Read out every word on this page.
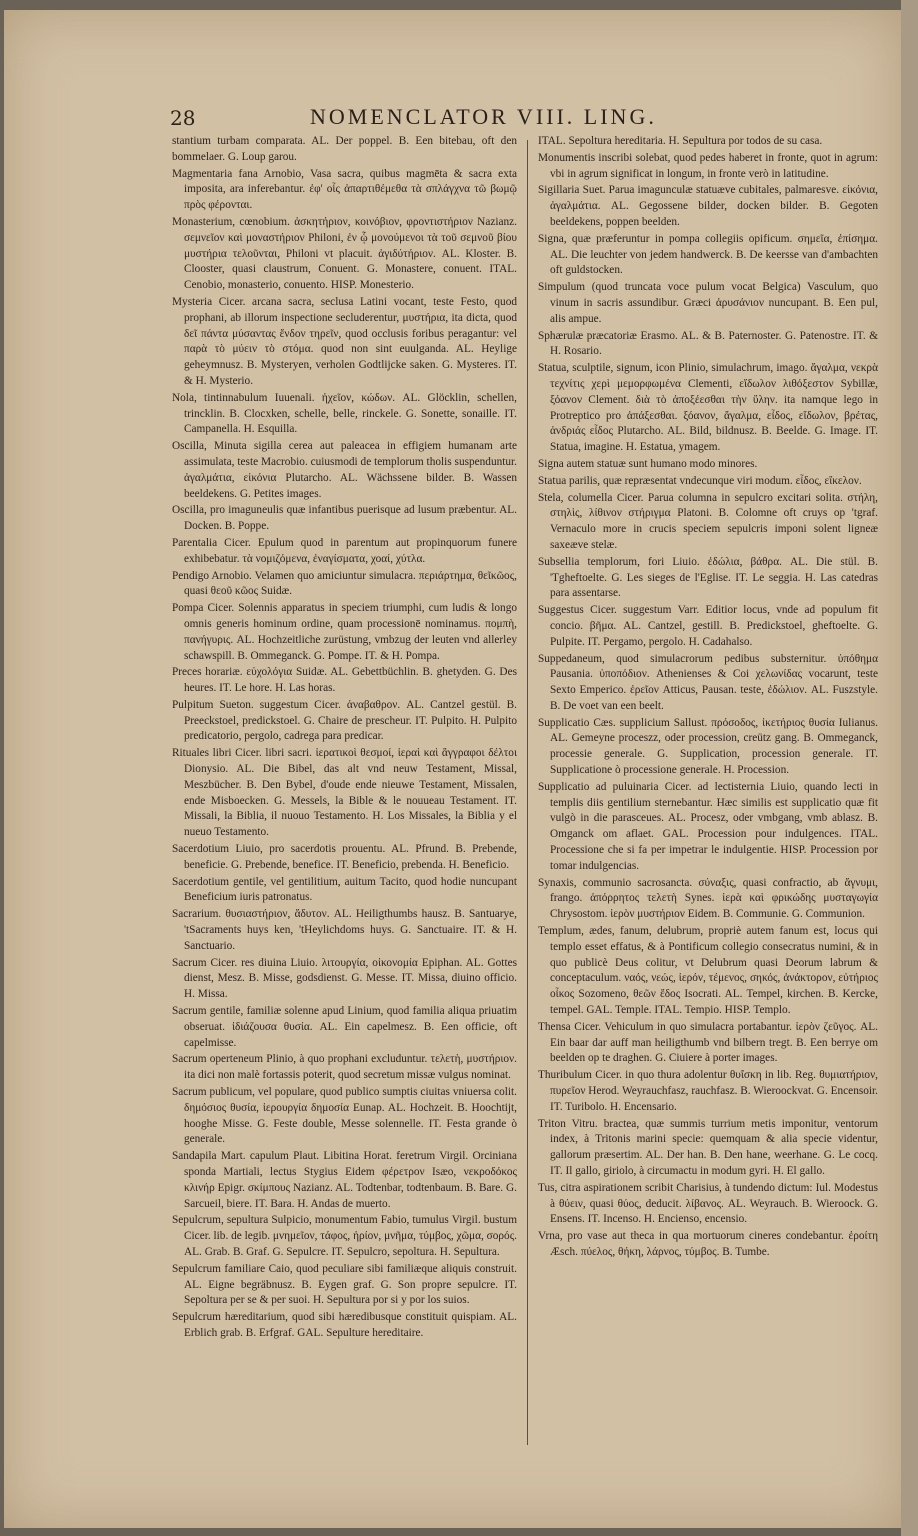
28	NOMENCLATOR VIII. LING.

stantium turbam comparata. AL. Der poppel. B. Een bitebau, oft den bommelaer. G. Loup garou.

Magmentaria fana Arnobio, Vasa sacra, quibus magmēta & sacra exta imposita, ara inferebantur. ἐφ' οἷς ἀπαρτιθέμεθα τὰ σπλάγχνα τῶ βωμῷ πρὸς φέρονται.

Monasterium, cœnobium. ἀσκητήριον, κοινόβιον, φροντιστήριον Nazianz. σεμνεῖον καὶ μοναστήριον Philoni, ἐν ᾧ μονούμενοι τὰ τοῦ σεμνοῦ βίου μυστήρια τελοῦνται, Philoni vt placuit. ἀγιδύτήριον. AL. Kloster. B. Clooster, quasi claustrum, Conuent. G. Monastere, conuent. ITAL. Cenobio, monasterio, conuento. HISP. Monesterio.

Mysteria Cicer. arcana sacra, seclusa Latini vocant, teste Festo, quod prophani, ab illorum inspectione secluderentur, μυστήρια, ita dicta, quod δεῖ πάντα μύσαντας ἔνδον τηρεῖν, quod occlusis foribus peragantur: vel παρὰ τὸ μύειν τὸ στόμα. quod non sint euulganda. AL. Heylige geheymnusz. B. Mysteryen, verholen Godtlijcke saken. G. Mysteres. IT. & H. Mysterio.

Nola, tintinnabulum Iuuenali. ἠχεῖον, κώδων. AL. Glöcklin, schellen, trincklin. B. Clocxken, schelle, belle, rinckele. G. Sonette, sonaille. IT. Campanella. H. Esquilla.

Oscilla, Minuta sigilla cerea aut paleacea in effigiem humanam arte assimulata, teste Macrobio. cuiusmodi de templorum tholis suspenduntur. ἀγαλμάτια, εἰκόνια Plutarcho. AL. Wächssene bilder. B. Wassen beeldekens. G. Petites images.

Oscilla, pro imaguneulis quæ infantibus puerisque ad lusum præbentur. AL. Docken. B. Poppe.

Parentalia Cicer. Epulum quod in parentum aut propinquorum funere exhibebatur. τὰ νομιζόμενα, ἐναγίσματα, χοαί, χύτλα.

Pendigo Arnobio. Velamen quo amiciuntur simulacra. περιάρτημα, θεῖκῶος, quasi θεοῦ κῶος Suidæ.

Pompa Cicer. Solennis apparatus in speciem triumphi, cum ludis & longo omnis generis hominum ordine, quam processionē nominamus. πομπὴ, πανήγυρις. AL. Hochzeitliche zurüstung, vmbzug der leuten vnd allerley schawspill. B. Ommeganck. G. Pompe. IT. & H. Pompa.

Preces horariæ. εὐχολόγια Suidæ. AL. Gebettbüchlin. B. ghetyden. G. Des heures. IT. Le hore. H. Las horas.

Pulpitum Sueton. suggestum Cicer. ἀναβαθρον. AL. Cantzel gestül. B. Preeckstoel, predickstoel. G. Chaire de prescheur. IT. Pulpito. H. Pulpito predicatorio, pergolo, cadrega para predicar.

Rituales libri Cicer. libri sacri. ἱερατικοὶ θεσμοί, ἱεραὶ καὶ ἄγγραφοι δέλτοι Dionysio. AL. Die Bibel, das alt vnd neuw Testament, Missal, Meszbücher. B. Den Bybel, d'oude ende nieuwe Testament, Missalen, ende Misboecken. G. Messels, la Bible & le nouueau Testament. IT. Missali, la Biblia, il nuouo Testamento. H. Los Missales, la Biblia y el nueuo Testamento.

Sacerdotium Liuio, pro sacerdotis prouentu. AL. Pfrund. B. Prebende, beneficie. G. Prebende, benefice. IT. Beneficio, prebenda. H. Beneficio.

Sacerdotium gentile, vel gentilitium, auitum Tacito, quod hodie nuncupant Beneficium iuris patronatus.

Sacrarium. θυσιαστήριον, ἄδυτον. AL. Heiligthumbs hausz. B. Santuarye, 'tSacraments huys ken, 'tHeylichdoms huys. G. Sanctuaire. IT. & H. Sanctuario.

Sacrum Cicer. res diuina Liuio. λιτουργία, οἰκονομία Epiphan. AL. Gottes dienst, Mesz. B. Misse, godsdienst. G. Messe. IT. Missa, diuino officio. H. Missa.

Sacrum gentile, familiæ solenne apud Linium, quod familia aliqua priuatim obseruat. ἰδιάζουσα θυσία. AL. Ein capelmesz. B. Een officie, oft capelmisse.

Sacrum operteneum Plinio, à quo prophani excluduntur. τελετὴ, μυστήριον. ita dici non malè fortassis poterit, quod secretum missæ vulgus nominat.

Sacrum publicum, vel populare, quod publico sumptis ciuitas vniuersa colit. δημόσιος θυσία, ἱερουργία δημοσία Eunap. AL. Hochzeit. B. Hoochtijt, hooghe Misse. G. Feste double, Messe solennelle. IT. Festa grande ò generale.

Sandapila Mart. capulum Plaut. Libitina Horat. feretrum Virgil. Orciniana sponda Martiali, lectus Stygius Eidem φέρετρον Isæo, νεκροδόκος κλινήρ Epigr. σκίμπους Nazianz. AL. Todtenbar, todtenbaum. B. Bare. G. Sarcueil, biere. IT. Bara. H. Andas de muerto.

Sepulcrum, sepultura Sulpicio, monumentum Fabio, tumulus Virgil. bustum Cicer. lib. de legib. μνημεῖον, τάφος, ἠρίον, μνῆμα, τύμβος, χῶμα, σορός. AL. Grab. B. Graf. G. Sepulcre. IT. Sepulcro, sepoltura. H. Sepultura.

Sepulcrum familiare Caio, quod peculiare sibi familiæque aliquis construit. AL. Eigne begräbnusz. B. Eygen graf. G. Son propre sepulcre. IT. Sepoltura per se & per suoi. H. Sepultura por si y por los suios.

Sepulcrum hæreditarium, quod sibi hæredibusque constituit quispiam. AL. Erblich grab. B. Erfgraf. GAL. Sepulture hereditaire.

ITAL. Sepoltura hereditaria. H. Sepultura por todos de su casa.

Monumentis inscribi solebat, quod pedes haberet in fronte, quot in agrum: vbi in agrum significat in longum, in fronte verò in latitudine.

Sigillaria Suet. Parua imagunculæ statuæve cubitales, palmaresve. εἰκόνια, ἀγαλμάτια. AL. Gegossene bilder, docken bilder. B. Gegoten beeldekens, poppen beelden.

Signa, quæ præferuntur in pompa collegiis opificum. σημεῖα, ἐπίσημα. AL. Die leuchter von jedem handwerck. B. De keersse van d'ambachten oft guldstocken.

Simpulum (quod truncata voce pulum vocat Belgica) Vasculum, quo vinum in sacris assundibur. Græci ἀρυσάνιον nuncupant. B. Een pul, alis ampue.

Sphærulæ præcatoriæ Erasmo. AL. & B. Paternoster. G. Patenostre. IT. & H. Rosario.

Statua, sculptile, signum, icon Plinio, simulachrum, imago. ἄγαλμα, νεκρὰ τεχνίτις χερὶ μεμορφωμένα Clementi, εἴδωλον λιθόξεστον Sybillæ, ξόανον Clement. διὰ τὸ ἀποξέεσθαι τὴν ὕλην. ita namque lego in Protreptico pro ἀπάξεσθαι. ξόανον, ἄγαλμα, εἶδος, εἴδωλον, βρέτας, ἀνδριάς εἶδος Plutarcho. AL. Bild, bildnusz. B. Beelde. G. Image. IT. Statua, imagine. H. Estatua, ymagem.

Signa autem statuæ sunt humano modo minores.

Statua parilis, quæ repræsentat vndecunque viri modum. εἶδος, εἴκελον.

Stela, columella Cicer. Parua columna in sepulcro excitari solita. στήλη, στηλὶς, λίθινον στήριγμα Platoni. B. Colomne oft cruys op 'tgraf. Vernaculo more in crucis speciem sepulcris imponi solent ligneæ saxeæve stelæ.

Subsellia templorum, fori Liuio. ἐδώλια, βάθρα. AL. Die stül. B. 'Tgheftoelte. G. Les sieges de l'Eglise. IT. Le seggia. H. Las catedras para assentarse.

Suggestus Cicer. suggestum Varr. Editior locus, vnde ad populum fit concio. βῆμα. AL. Cantzel, gestill. B. Predickstoel, gheftoelte. G. Pulpite. IT. Pergamo, pergolo. H. Cadahalso.

Suppedaneum, quod simulacrorum pedibus substernitur. ὑπόθημα Pausania. ὑποπόδιον. Athenienses & Coi χελωνίδας vocarunt, teste Sexto Emperico. ἐρεῖον Atticus, Pausan. teste, ἐδώλιον. AL. Fuszstyle. B. De voet van een beelt.

Supplicatio Cæs. supplicium Sallust. πρόσοδος, ἱκετήριος θυσία Iulianus. AL. Gemeyne proceszz, oder procession, creütz gang. B. Ommeganck, processie generale. G. Supplication, procession generale. IT. Supplicatione ò processione generale. H. Procession.

Supplicatio ad puluinaria Cicer. ad lectisternia Liuio, quando lecti in templis diis gentilium sternebantur. Hæc similis est supplicatio quæ fit vulgò in die parasceues. AL. Procesz, oder vmbgang, vmb ablasz. B. Omganck om aflaet. GAL. Procession pour indulgences. ITAL. Processione che si fa per impetrar le indulgentie. HISP. Procession por tomar indulgencias.

Synaxis, communio sacrosancta. σύναξις, quasi confractio, ab ἄγνυμι, frango. ἀπόρρητος τελετὴ Synes. ἱερὰ καὶ φρικώδης μυσταγωγία Chrysostom. ἱερὸν μυστήριον Eidem. B. Communie. G. Communion.

Templum, ædes, fanum, delubrum, propriè autem fanum est, locus qui templo esset effatus, & à Pontificum collegio consecratus numini, & in quo publicè Deus colitur, vt Delubrum quasi Deorum labrum & conceptaculum. ναός, νεώς, ἱερόν, τέμενος, σηκός, ἀνάκτορον, εὐτήριος οἶκος Sozomeno, θεῶν ἕδος Isocrati. AL. Tempel, kirchen. B. Kercke, tempel. GAL. Temple. ITAL. Tempio. HISP. Templo.

Thensa Cicer. Vehiculum in quo simulacra portabantur. ἱερὸν ζεῦγος. AL. Ein baar dar auff man heiligthumb vnd bilbern tregt. B. Een berrye om beelden op te draghen. G. Ciuiere à porter images.

Thuribulum Cicer. in quo thura adolentur θυΐσκη in lib. Reg. θυμιατήριον, πυρεῖον Herod. Weyrauchfasz, rauchfasz. B. Wieroockvat. G. Encensoir. IT. Turibolo. H. Encensario.

Triton Vitru. bractea, quæ summis turrium metis imponitur, ventorum index, à Tritonis marini specie: quemquam & alia specie videntur, gallorum præsertim. AL. Der han. B. Den hane, weerhane. G. Le cocq. IT. Il gallo, giriolo, à circumactu in modum gyri. H. El gallo.

Tus, citra aspirationem scribit Charisius, à tundendo dictum: Iul. Modestus à θύειν, quasi θύος, deducit. λίβανος. AL. Weyrauch. B. Wieroock. G. Ensens. IT. Incenso. H. Enciensо, encensio.

Vrna, pro vase aut theca in qua mortuorum cineres condebantur. ἐροίτη Æsch. πύελος, θήκη, λάρνος, τύμβος. B. Tumbe.
